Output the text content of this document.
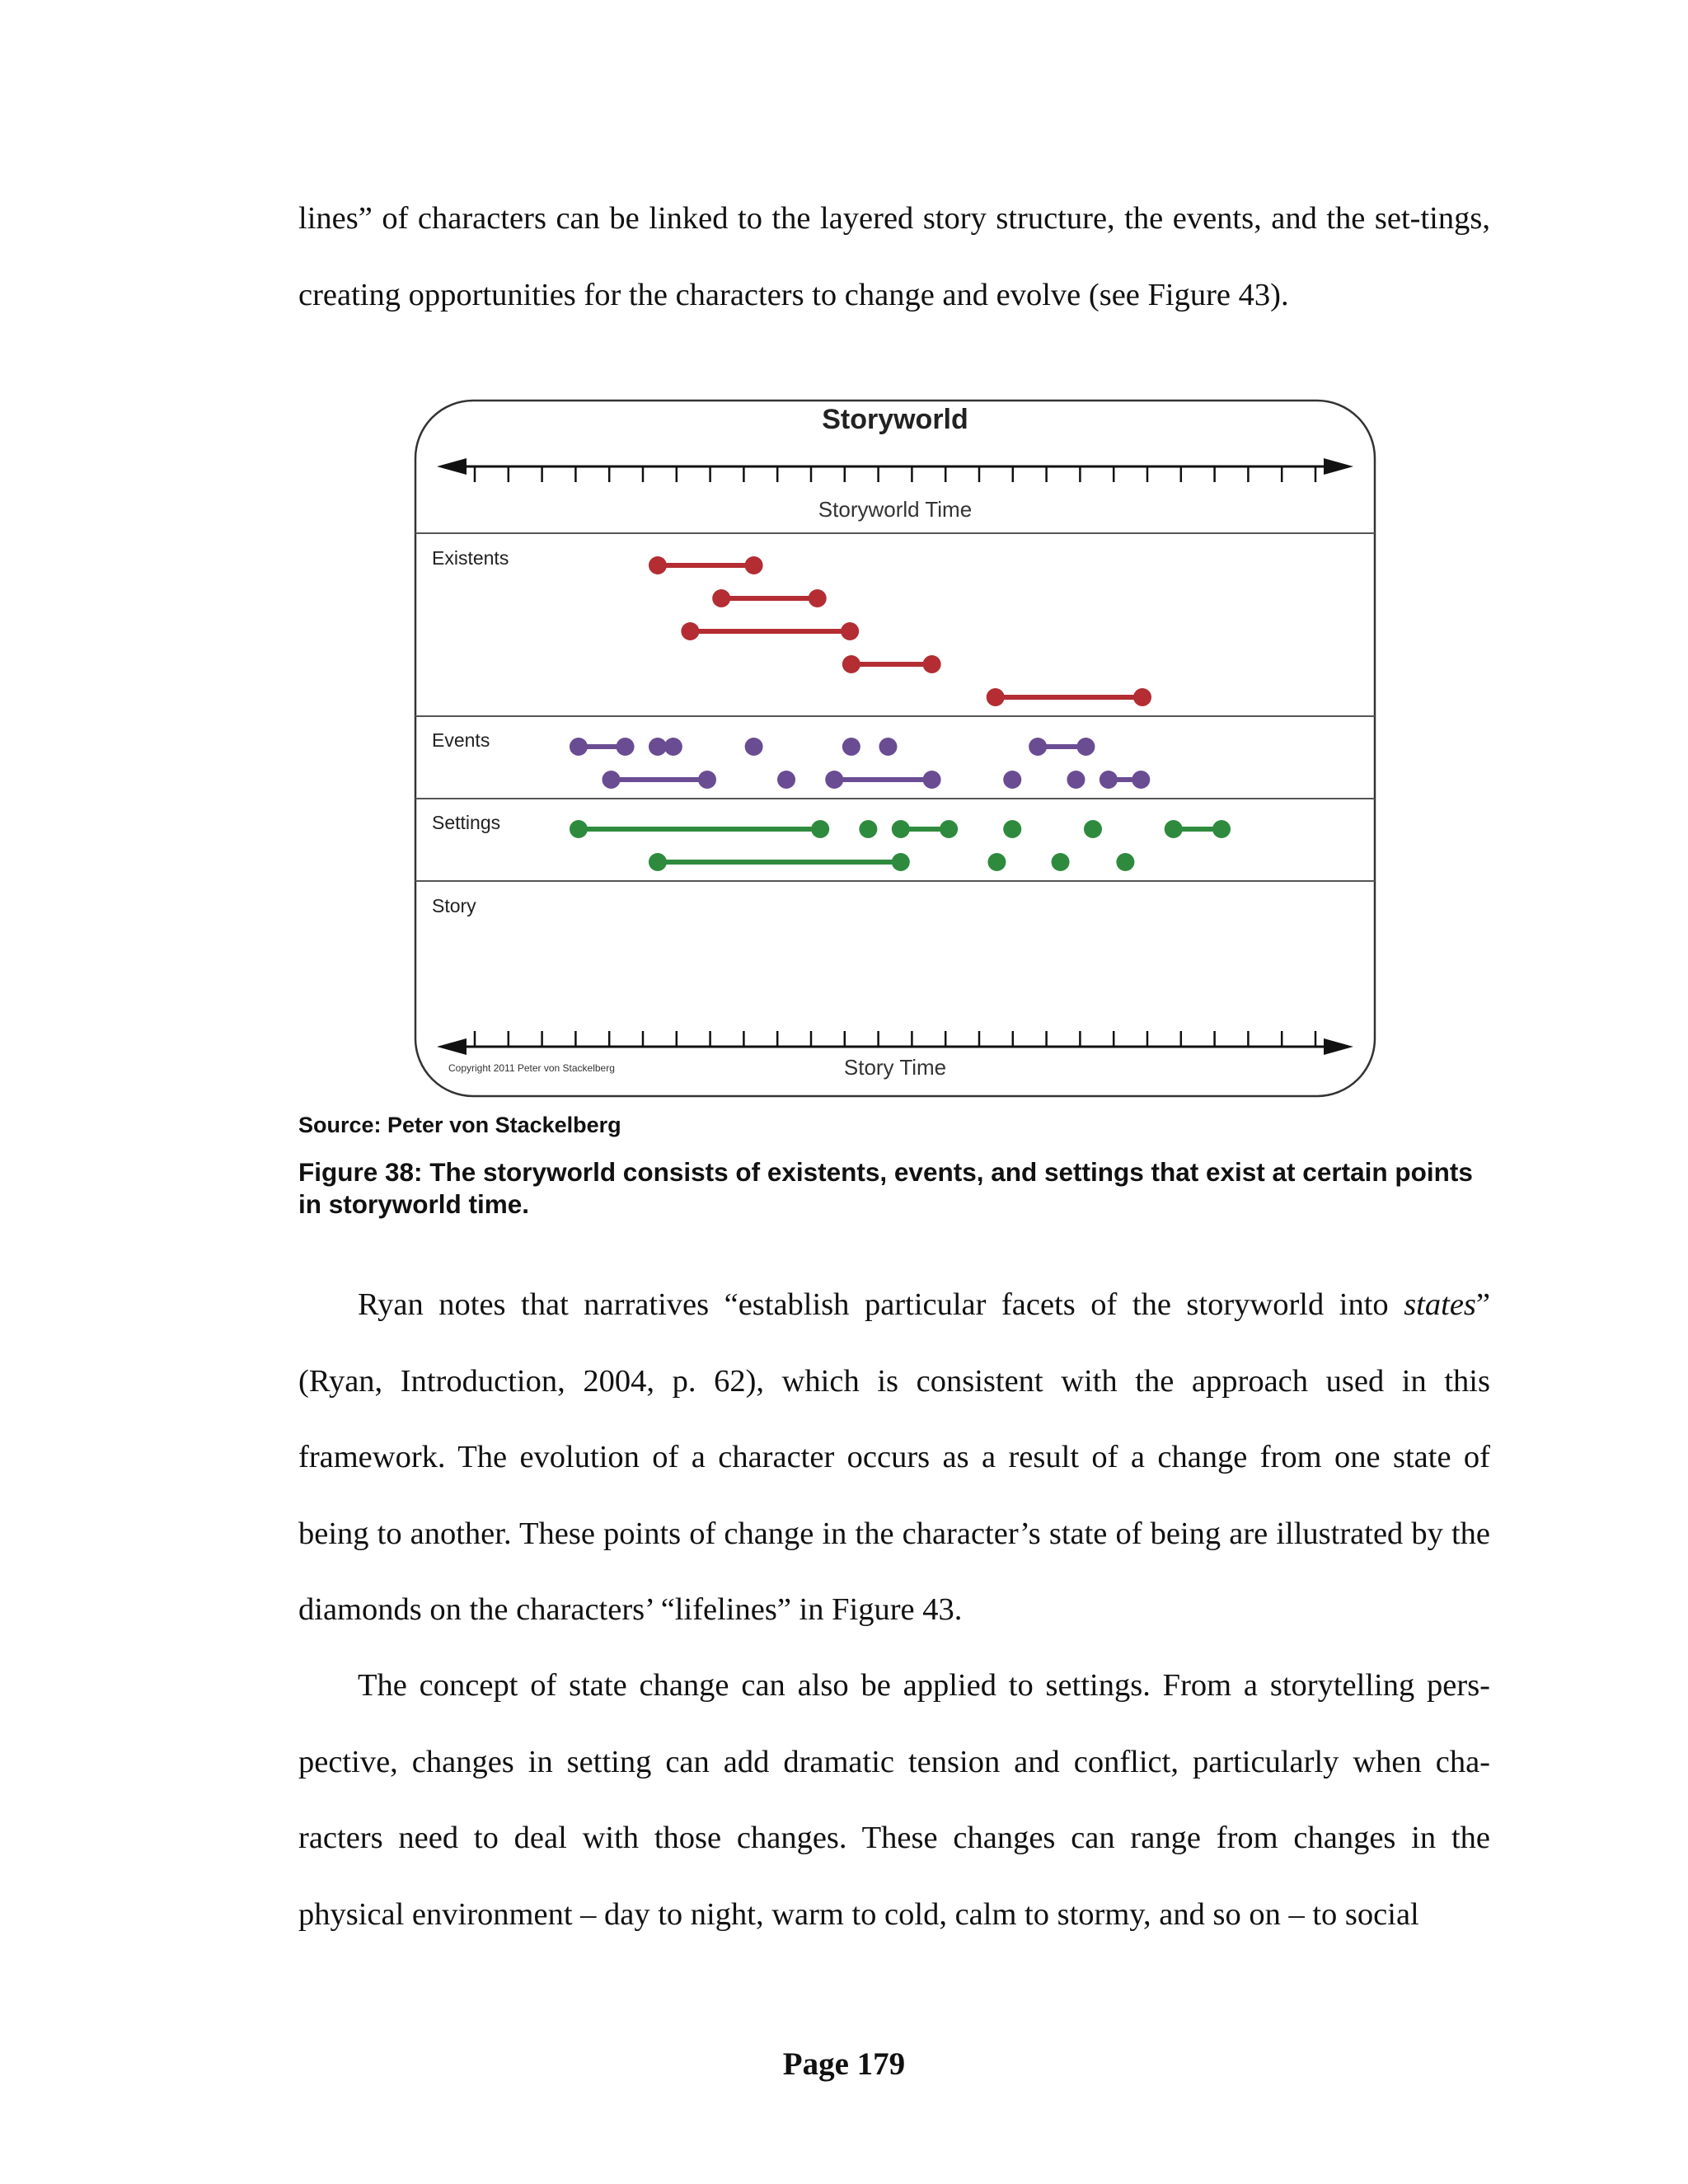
lines” of characters can be linked to the layered story structure, the events, and the set-tings, creating opportunities for the characters to change and evolve (see Figure 43).

Storyworld
Storyworld Time
Existents
Events
Settings
Story
Copyright 2011 Peter von Stackelberg	Story Time

Source: Peter von Stackelberg

Figure 38: The storyworld consists of existents, events, and settings that exist at certain points in storyworld time.

Ryan notes that narratives “establish particular facets of the storyworld into states” (Ryan, Introduction, 2004, p. 62), which is consistent with the approach used in this framework. The evolution of a character occurs as a result of a change from one state of being to another. These points of change in the character’s state of being are illustrated by the diamonds on the characters’ “lifelines” in Figure 43.

The concept of state change can also be applied to settings. From a storytelling pers-pective, changes in setting can add dramatic tension and conflict, particularly when cha-racters need to deal with those changes. These changes can range from changes in the physical environment – day to night, warm to cold, calm to stormy, and so on – to social

Page 179
